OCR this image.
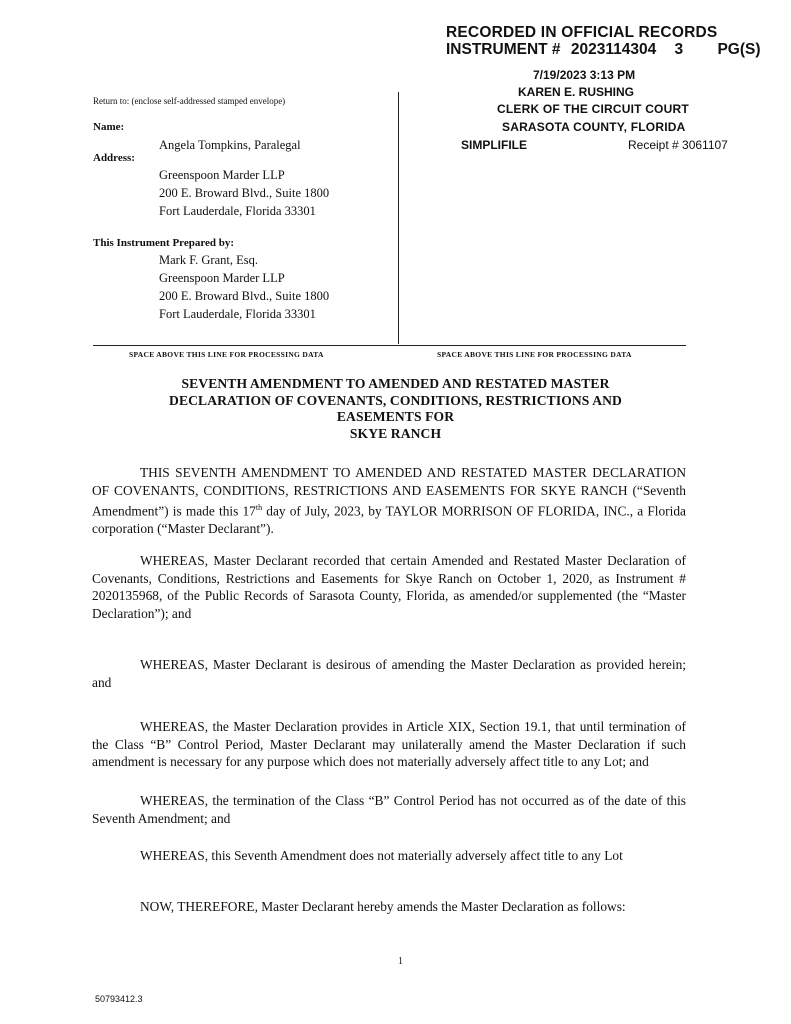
RECORDED IN OFFICIAL RECORDS
INSTRUMENT # 2023114304 3 PG(S)
7/19/2023 3:13 PM
KAREN E. RUSHING
CLERK OF THE CIRCUIT COURT
SARASOTA COUNTY, FLORIDA
SIMPLIFILE	Receipt # 3061107
Return to: (enclose self-addressed stamped envelope)
Name:
Angela Tompkins, Paralegal
Address:
Greenspoon Marder LLP
200 E. Broward Blvd., Suite 1800
Fort Lauderdale, Florida 33301
This Instrument Prepared by:
Mark F. Grant, Esq.
Greenspoon Marder LLP
200 E. Broward Blvd., Suite 1800
Fort Lauderdale, Florida 33301
SPACE ABOVE THIS LINE FOR PROCESSING DATA	SPACE ABOVE THIS LINE FOR PROCESSING DATA
SEVENTH AMENDMENT TO AMENDED AND RESTATED MASTER
DECLARATION OF COVENANTS, CONDITIONS, RESTRICTIONS AND
EASEMENTS FOR
SKYE RANCH

THIS SEVENTH AMENDMENT TO AMENDED AND RESTATED MASTER DECLARATION OF COVENANTS, CONDITIONS, RESTRICTIONS AND EASEMENTS FOR SKYE RANCH (“Seventh Amendment”) is made this 17th day of July, 2023, by TAYLOR MORRISON OF FLORIDA, INC., a Florida corporation (“Master Declarant”).

WHEREAS, Master Declarant recorded that certain Amended and Restated Master Declaration of Covenants, Conditions, Restrictions and Easements for Skye Ranch on October 1, 2020, as Instrument # 2020135968, of the Public Records of Sarasota County, Florida, as amended/or supplemented (the “Master Declaration”); and

WHEREAS, Master Declarant is desirous of amending the Master Declaration as provided herein; and

WHEREAS, the Master Declaration provides in Article XIX, Section 19.1, that until termination of the Class “B” Control Period, Master Declarant may unilaterally amend the Master Declaration if such amendment is necessary for any purpose which does not materially adversely affect title to any Lot; and

WHEREAS, the termination of the Class “B” Control Period has not occurred as of the date of this Seventh Amendment; and

WHEREAS, this Seventh Amendment does not materially adversely affect title to any Lot

NOW, THEREFORE, Master Declarant hereby amends the Master Declaration as follows:

1
50793412.3
